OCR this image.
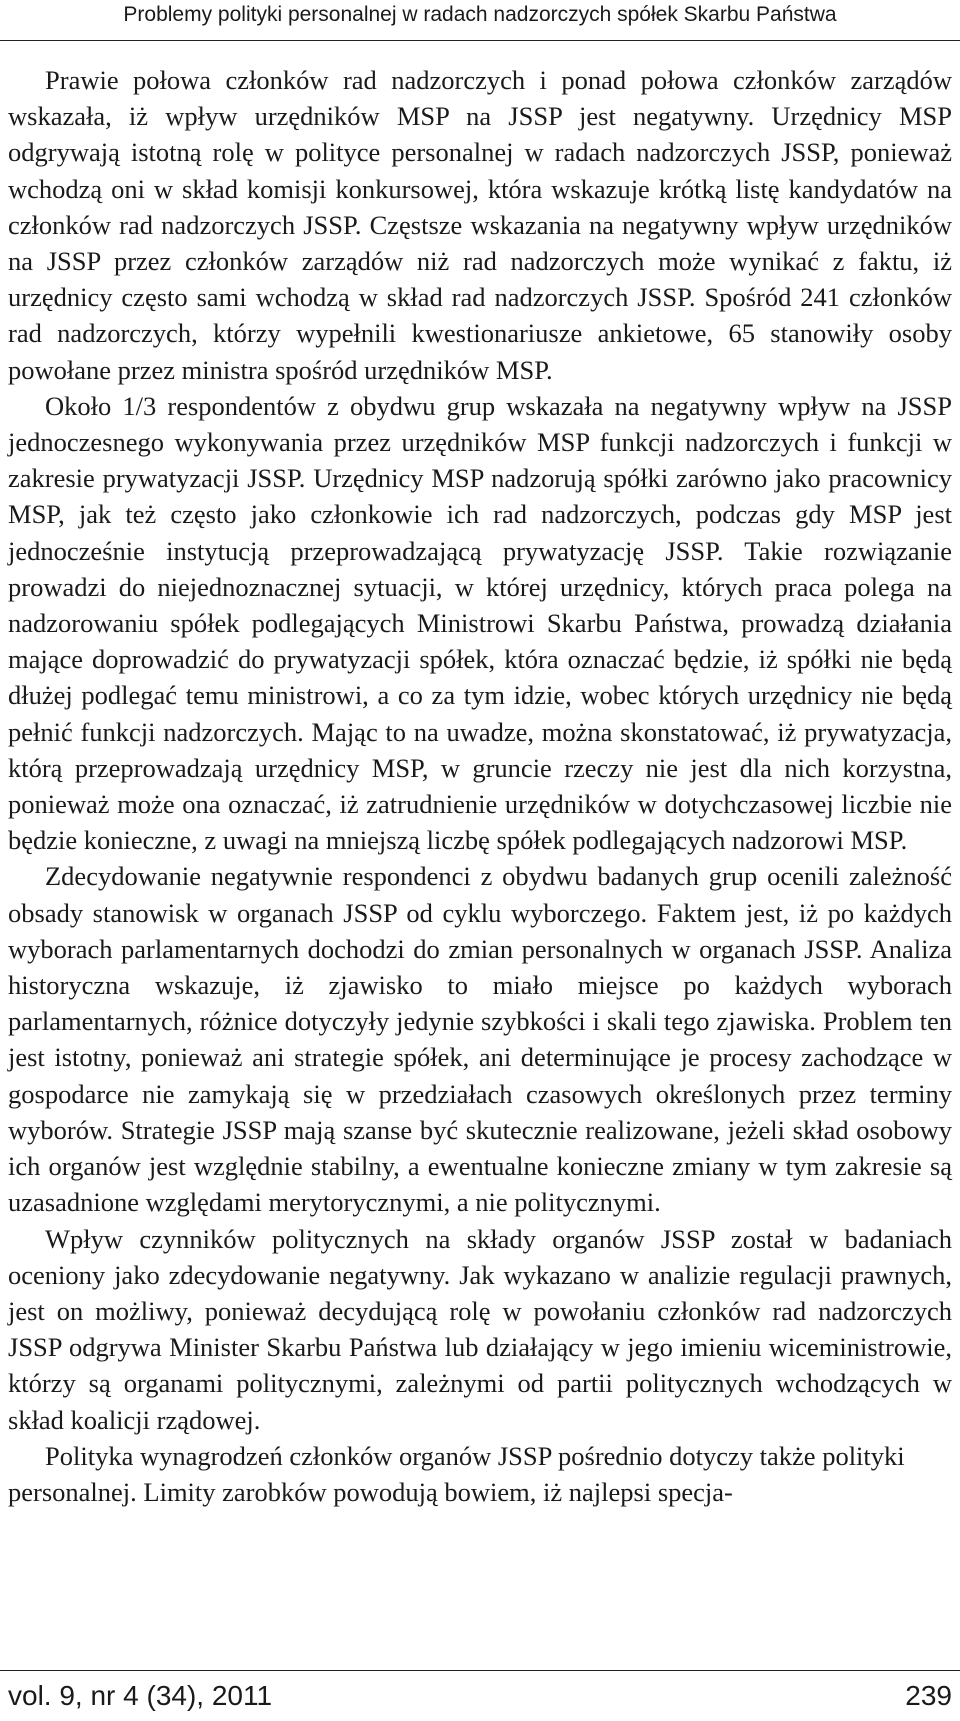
Problemy polityki personalnej w radach nadzorczych spółek Skarbu Państwa

Prawie połowa członków rad nadzorczych i ponad połowa członków zarządów wskazała, iż wpływ urzędników MSP na JSSP jest negatywny. Urzędnicy MSP odgrywają istotną rolę w polityce personalnej w radach nadzorczych JSSP, ponieważ wchodzą oni w skład komisji konkursowej, która wskazuje krótką listę kandydatów na członków rad nadzorczych JSSP. Częstsze wskazania na negatywny wpływ urzędników na JSSP przez członków zarządów niż rad nadzorczych może wynikać z faktu, iż urzędnicy często sami wchodzą w skład rad nadzorczych JSSP. Spośród 241 członków rad nadzorczych, którzy wypełnili kwestionariusze ankietowe, 65 stanowiły osoby powołane przez ministra spośród urzędników MSP.

Około 1/3 respondentów z obydwu grup wskazała na negatywny wpływ na JSSP jednoczesnego wykonywania przez urzędników MSP funkcji nadzorczych i funkcji w zakresie prywatyzacji JSSP. Urzędnicy MSP nadzorują spółki zarówno jako pracownicy MSP, jak też często jako członkowie ich rad nadzorczych, podczas gdy MSP jest jednocześnie instytucją przeprowadzającą prywatyzację JSSP. Takie rozwiązanie prowadzi do niejednoznacznej sytuacji, w której urzędnicy, których praca polega na nadzorowaniu spółek podlegających Ministrowi Skarbu Państwa, prowadzą działania mające doprowadzić do prywatyzacji spółek, która oznaczać będzie, iż spółki nie będą dłużej podlegać temu ministrowi, a co za tym idzie, wobec których urzędnicy nie będą pełnić funkcji nadzorczych. Mając to na uwadze, można skonstatować, iż prywatyzacja, którą przeprowadzają urzędnicy MSP, w gruncie rzeczy nie jest dla nich korzystna, ponieważ może ona oznaczać, iż zatrudnienie urzędników w dotychczasowej liczbie nie będzie konieczne, z uwagi na mniejszą liczbę spółek podlegających nadzorowi MSP.

Zdecydowanie negatywnie respondenci z obydwu badanych grup ocenili zależność obsady stanowisk w organach JSSP od cyklu wyborczego. Faktem jest, iż po każdych wyborach parlamentarnych dochodzi do zmian personalnych w organach JSSP. Analiza historyczna wskazuje, iż zjawisko to miało miejsce po każdych wyborach parlamentarnych, różnice dotyczyły jedynie szybkości i skali tego zjawiska. Problem ten jest istotny, ponieważ ani strategie spółek, ani determinujące je procesy zachodzące w gospodarce nie zamykają się w przedziałach czasowych określonych przez terminy wyborów. Strategie JSSP mają szanse być skutecznie realizowane, jeżeli skład osobowy ich organów jest względnie stabilny, a ewentualne konieczne zmiany w tym zakresie są uzasadnione względami merytorycznymi, a nie politycznymi.

Wpływ czynników politycznych na składy organów JSSP został w badaniach oceniony jako zdecydowanie negatywny. Jak wykazano w analizie regulacji prawnych, jest on możliwy, ponieważ decydującą rolę w powołaniu członków rad nadzorczych JSSP odgrywa Minister Skarbu Państwa lub działający w jego imieniu wiceministrowie, którzy są organami politycznymi, zależnymi od partii politycznych wchodzących w skład koalicji rządowej.

Polityka wynagrodzeń członków organów JSSP pośrednio dotyczy także polityki personalnej. Limity zarobków powodują bowiem, iż najlepsi specja-

vol. 9, nr 4 (34), 2011	239
